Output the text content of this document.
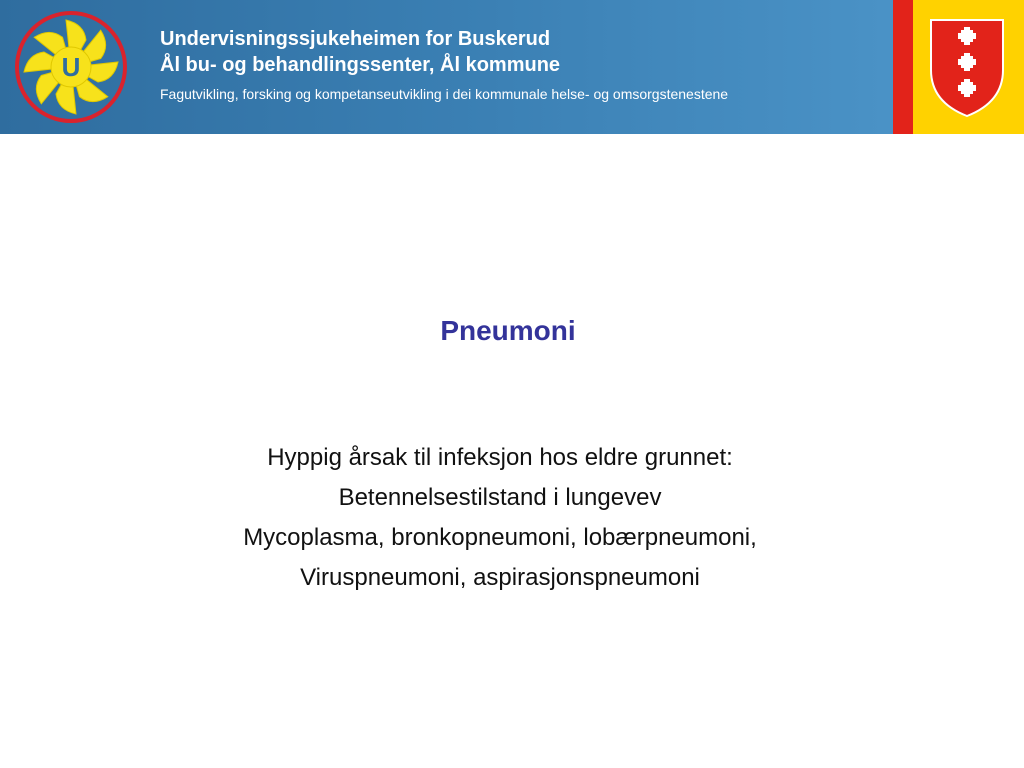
U
Undervisningssjukeheimen for Buskerud
Ål bu- og behandlingssenter, Ål kommune
Fagutvikling, forsking og kompetanseutvikling i dei kommunale helse- og omsorgstenestene
Pneumoni
Hyppig årsak til infeksjon hos eldre grunnet:
Betennelsestilstand i lungevev
Mycoplasma, bronkopneumoni, lobærpneumoni,
Viruspneumoni, aspirasjonspneumoni
